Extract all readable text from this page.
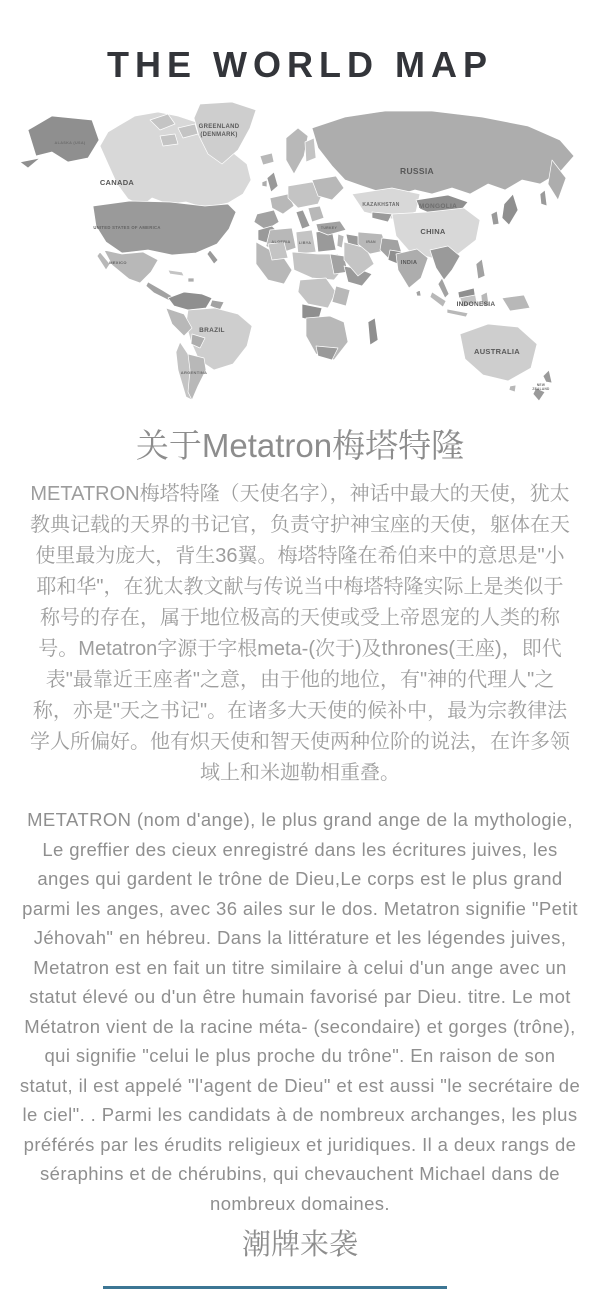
THE WORLD MAP
GREENLAND
(DENMARK)
CANADA
ALASKA (USA)
UNITED STATES OF AMERICA
MEXICO
RUSSIA
KAZAKHSTAN	MONGOLIA
CHINA
INDIA
BRAZIL
ARGENTINA
INDONESIA
AUSTRALIA
ALGERIA LIBYA
TURKEY
IRAN
NEW
ZEALAND
关于Metatron梅塔特隆

METATRON梅塔特隆（天使名字），神话中最大的天使，犹太教典记载的天界的书记官，负责守护神宝座的天使，躯体在天使里最为庞大，背生36翼。梅塔特隆在希伯来中的意思是"小耶和华"，在犹太教文献与传说当中梅塔特隆实际上是类似于称号的存在，属于地位极高的天使或受上帝恩宠的人类的称号。Metatron字源于字根meta-(次于)及thrones(王座)，即代表"最靠近王座者"之意，由于他的地位，有"神的代理人"之称，亦是"天之书记"。在诸多大天使的候补中，最为宗教律法学人所偏好。他有炽天使和智天使两种位阶的说法，在许多领域上和米迦勒相重叠。

METATRON (nom d'ange), le plus grand ange de la mythologie, Le greffier des cieux enregistré dans les écritures juives, les anges qui gardent le trône de Dieu,Le corps est le plus grand parmi les anges, avec 36 ailes sur le dos. Metatron signifie "Petit Jéhovah" en hébreu. Dans la littérature et les légendes juives, Metatron est en fait un titre similaire à celui d'un ange avec un statut élevé ou d'un être humain favorisé par Dieu. titre. Le mot Métatron vient de la racine méta- (secondaire) et gorges (trône), qui signifie "celui le plus proche du trône". En raison de son statut, il est appelé "l'agent de Dieu" et est aussi "le secrétaire de le ciel". . Parmi les candidats à de nombreux archanges, les plus préférés par les érudits religieux et juridiques. Il a deux rangs de séraphins et de chérubins, qui chevauchent Michael dans de nombreux domaines.

潮牌来袭
